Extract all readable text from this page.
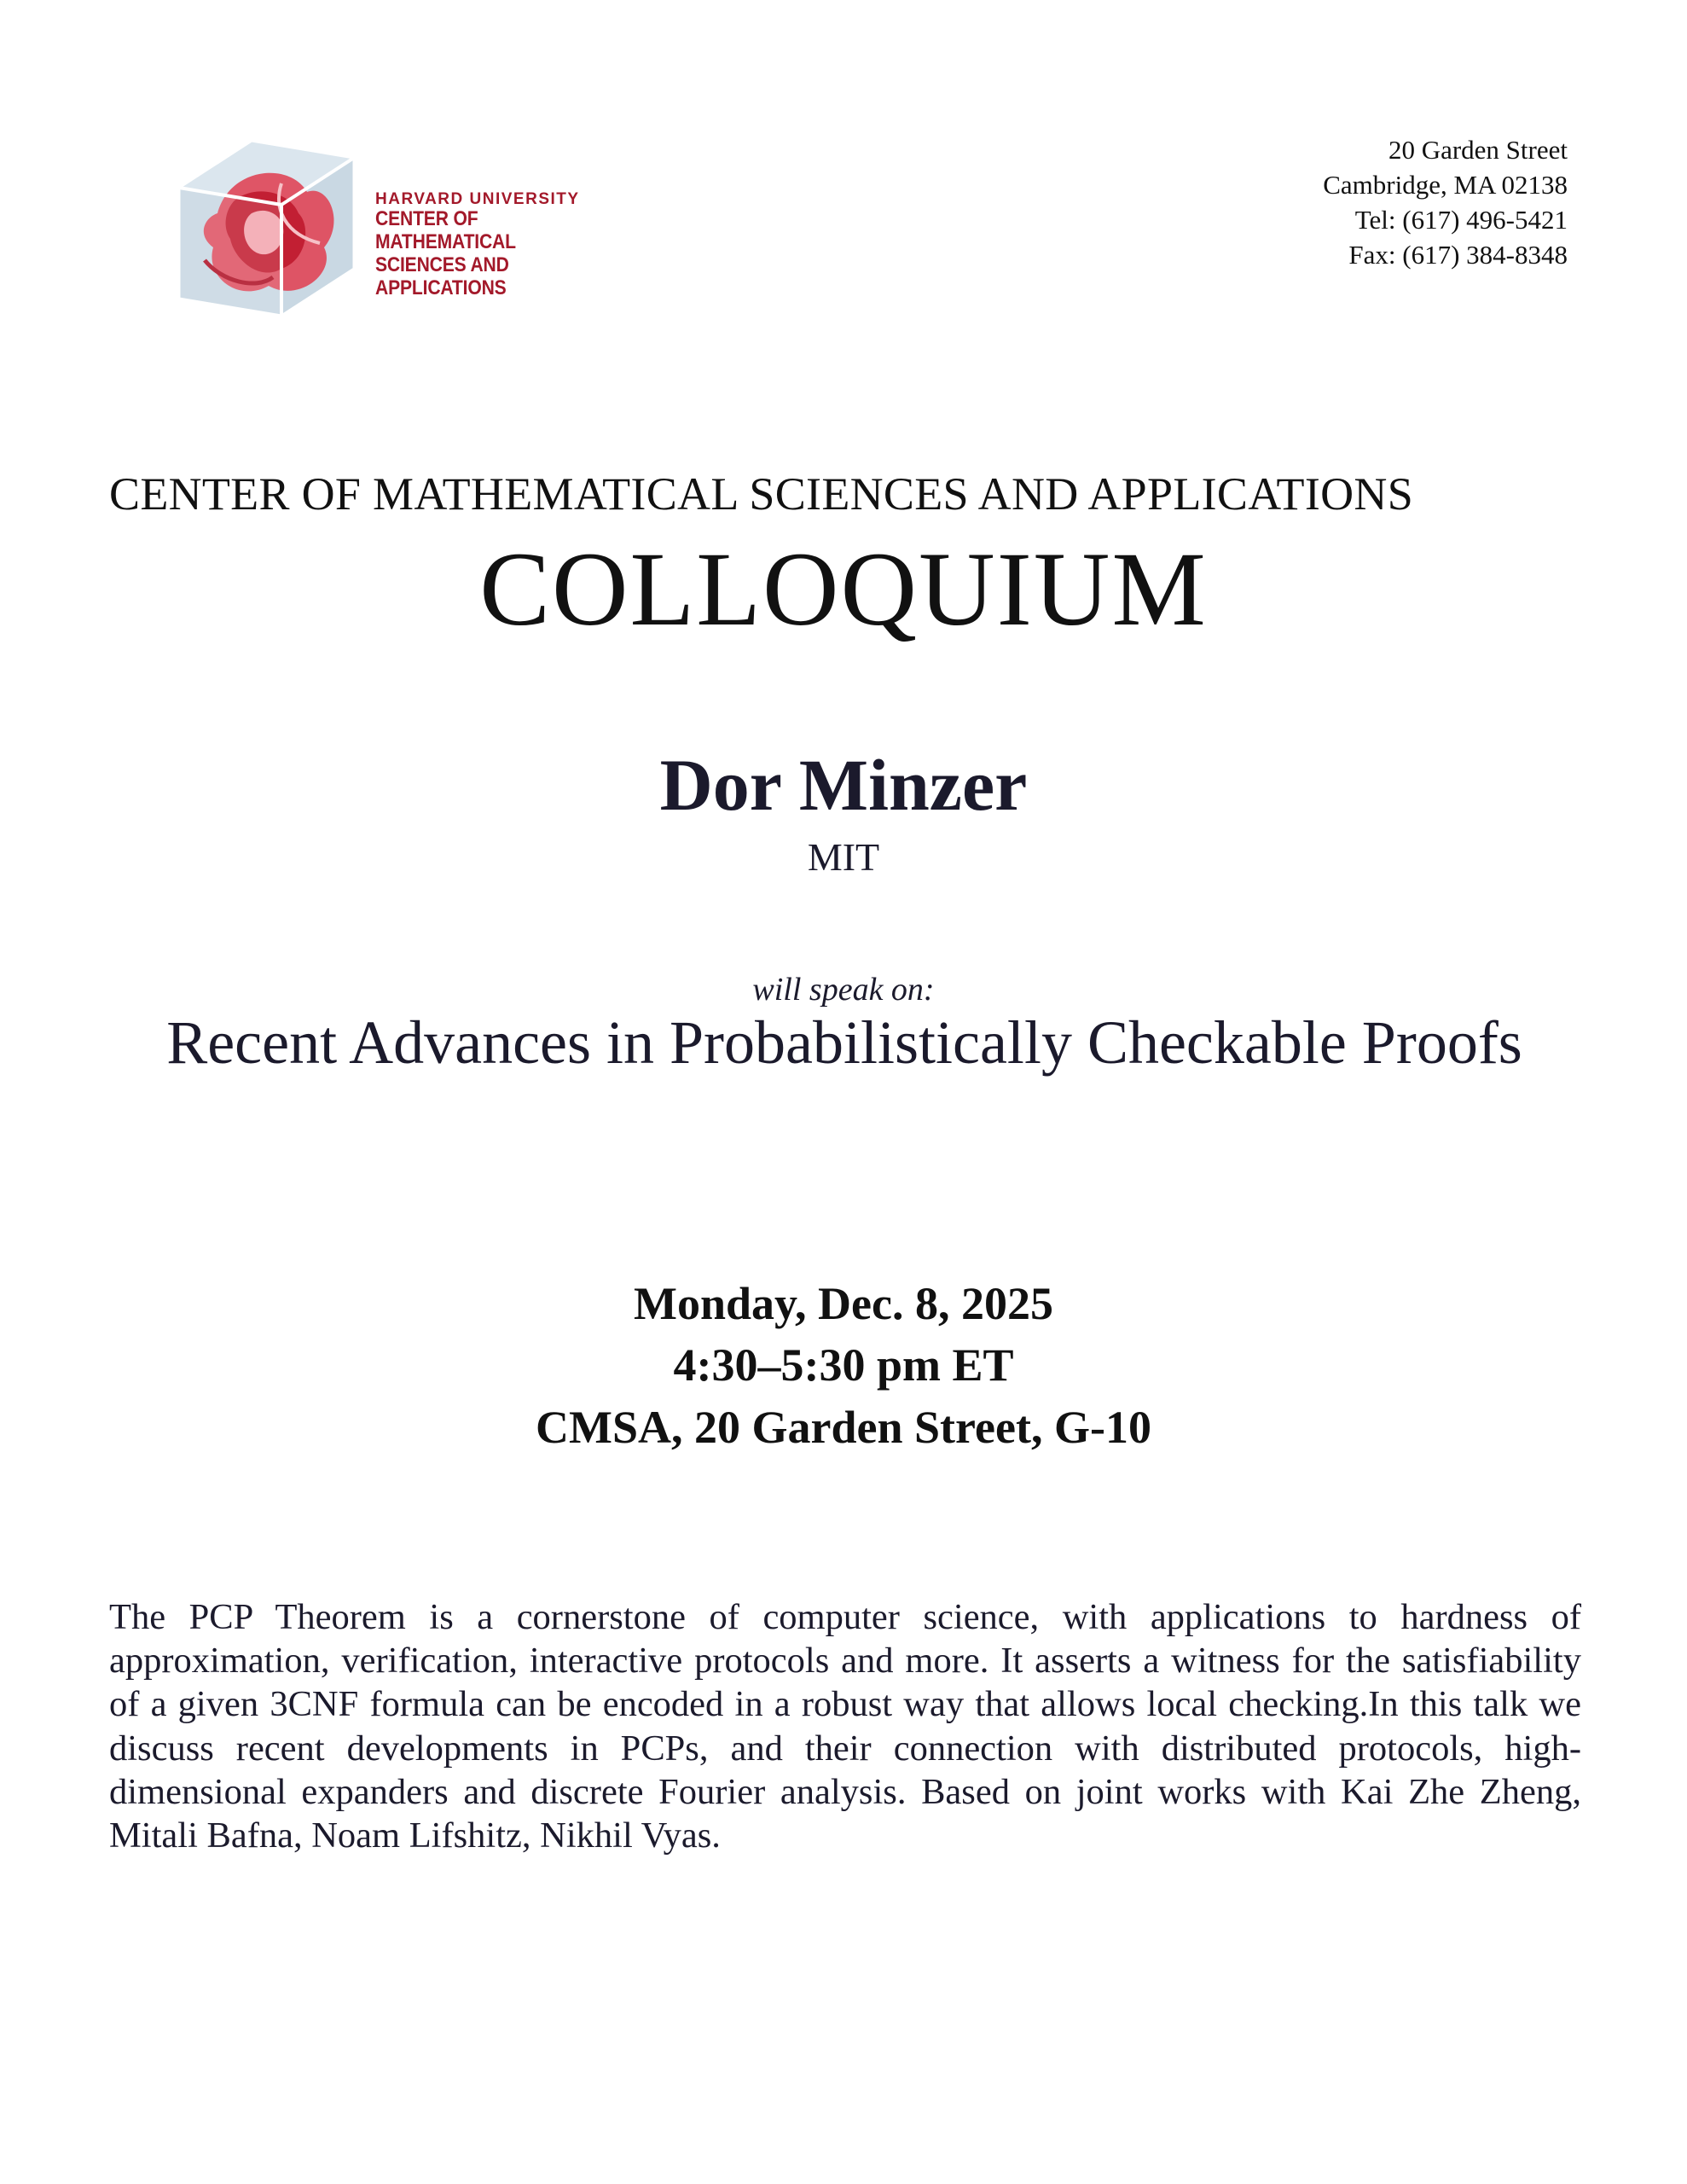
HARVARD UNIVERSITY
CENTER OF MATHEMATICAL
SCIENCES AND APPLICATIONS
20 Garden Street
Cambridge, MA 02138
Tel: (617) 496-5421
Fax: (617) 384-8348
CENTER OF MATHEMATICAL SCIENCES AND APPLICATIONS
COLLOQUIUM
Dor Minzer
MIT
will speak on:
Recent Advances in Probabilistically Checkable Proofs
Monday, Dec. 8, 2025
4:30–5:30 pm ET
CMSA, 20 Garden Street, G-10
The PCP Theorem is a cornerstone of computer science, with applications to hardness of approximation, verification, interactive protocols and more. It asserts a witness for the satisfiability of a given 3CNF formula can be encoded in a robust way that allows local checking.In this talk we discuss recent developments in PCPs, and their connection with distributed protocols, high-dimensional expanders and discrete Fourier analysis. Based on joint works with Kai Zhe Zheng, Mitali Bafna, Noam Lifshitz, Nikhil Vyas.
